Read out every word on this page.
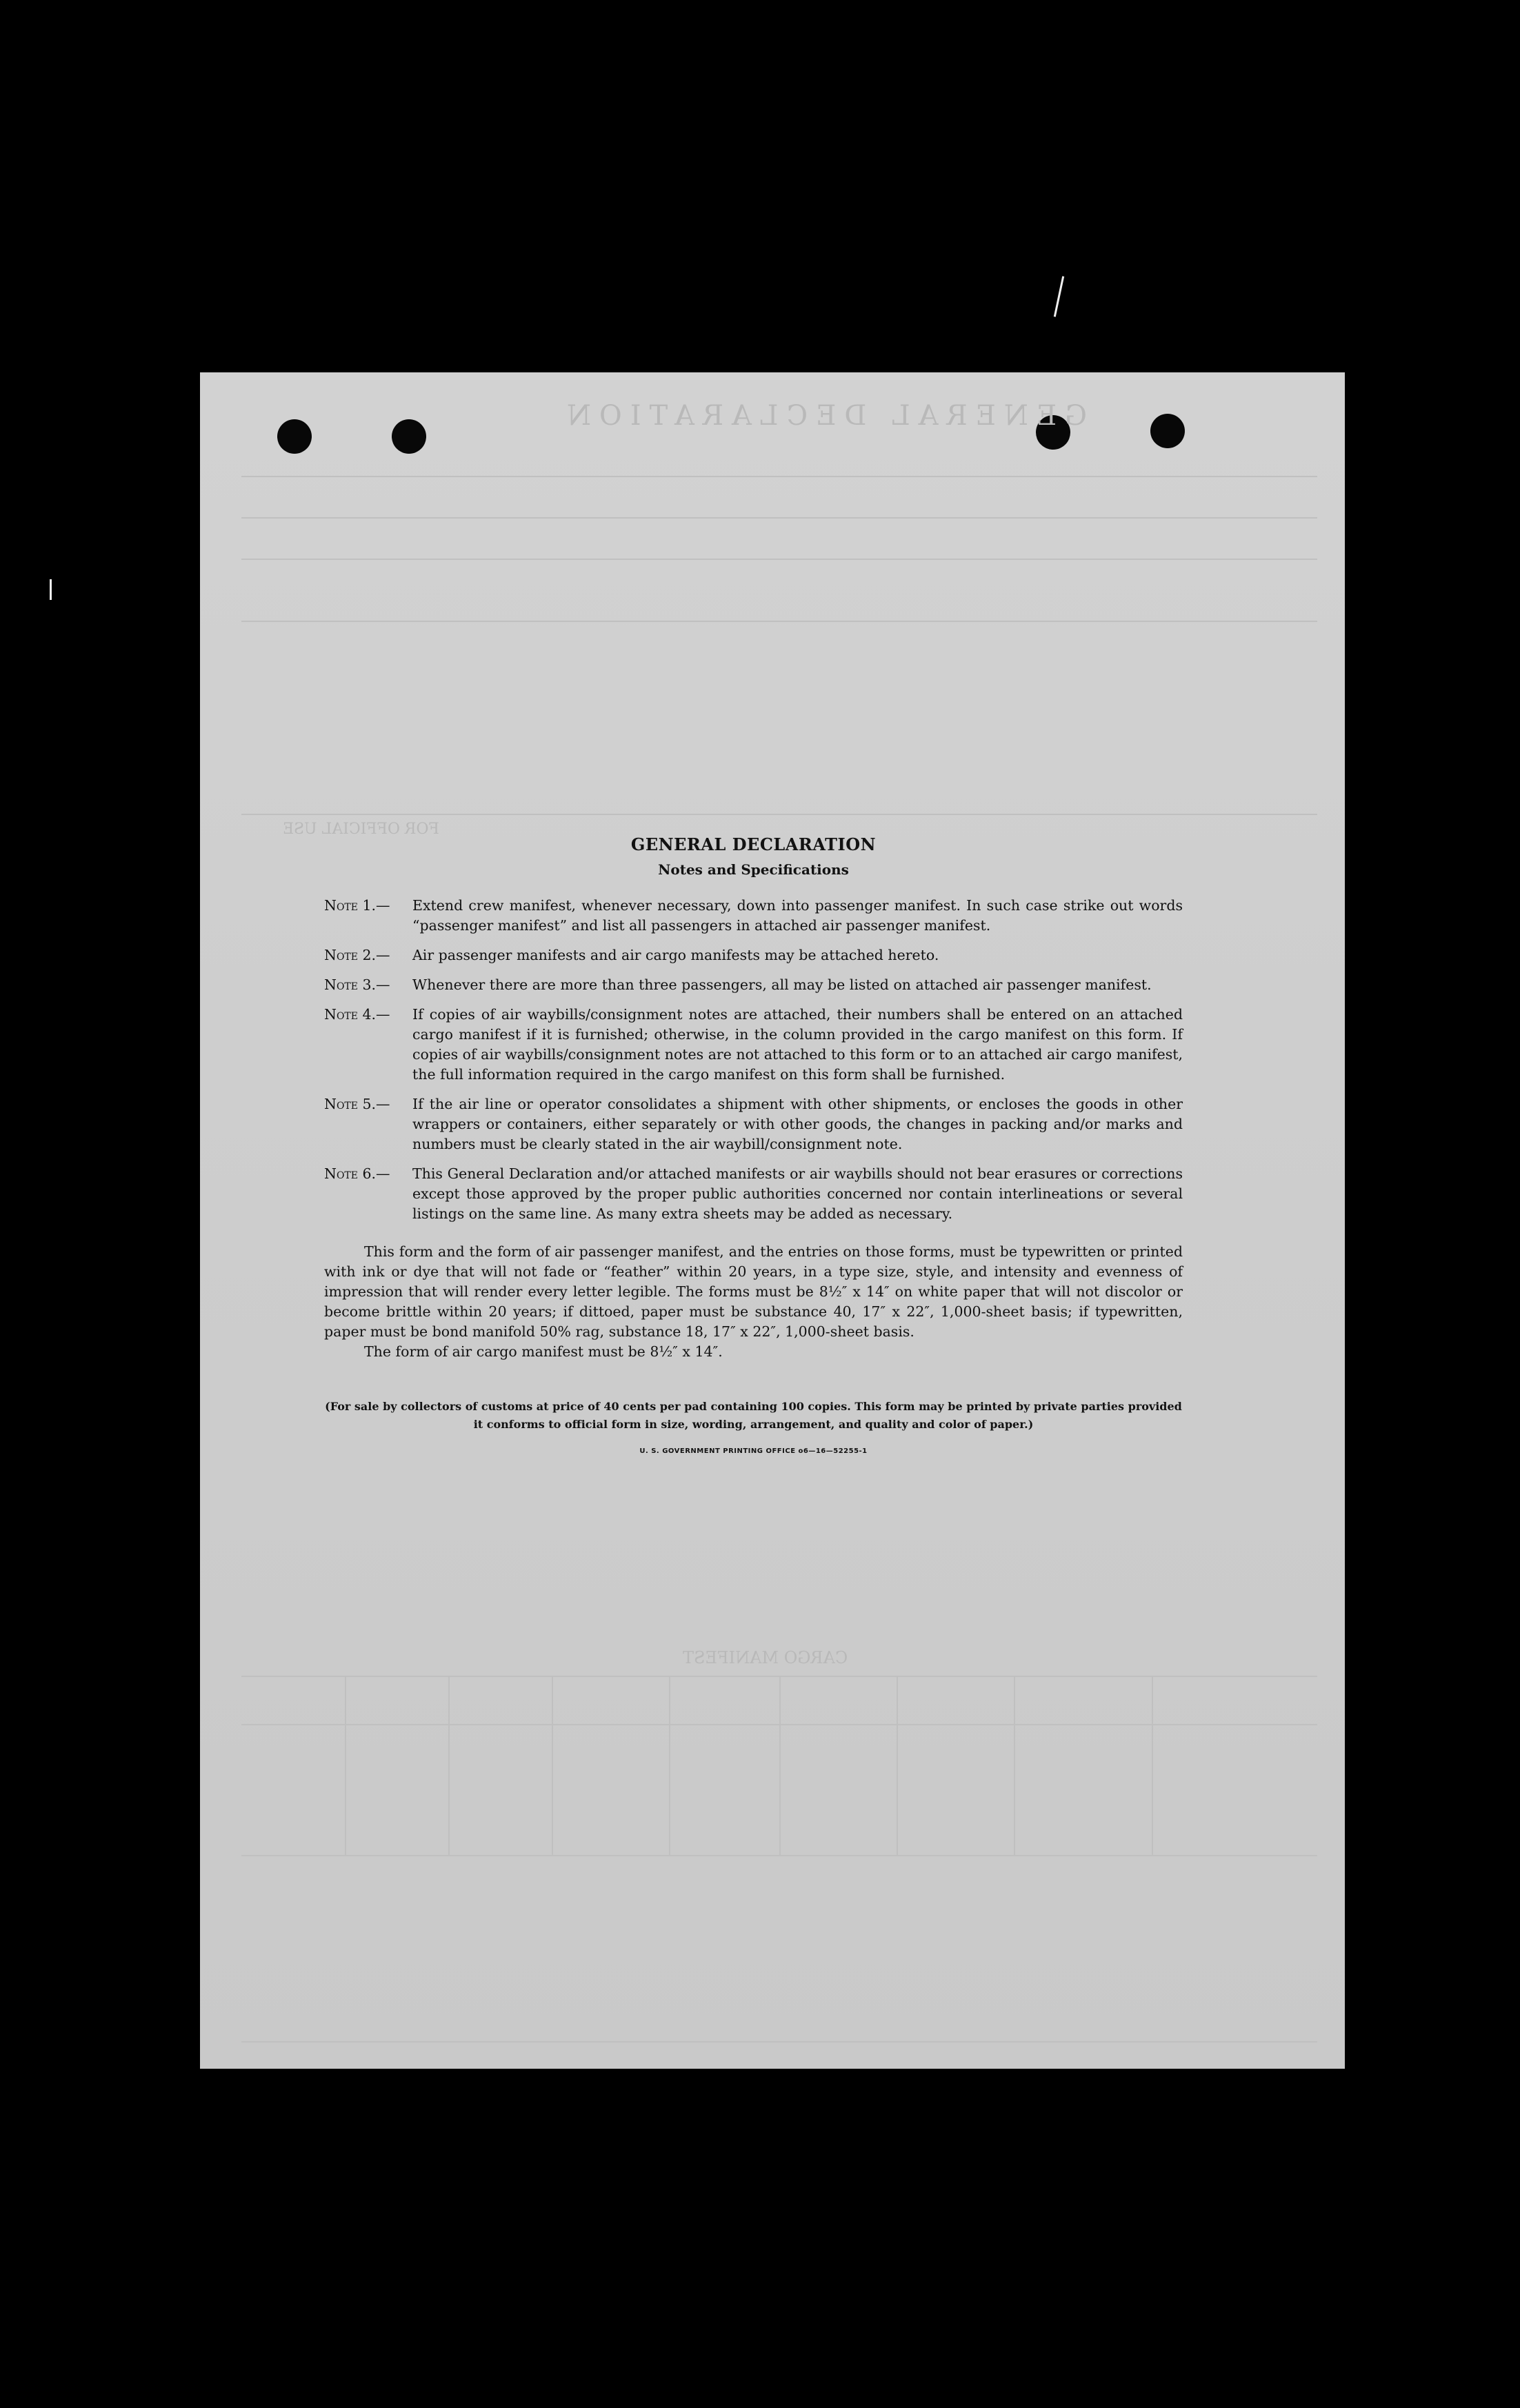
GENERAL DECLARATION
FOR OFFICIAL USE
CARGO MANIFEST
GENERAL DECLARATION
Notes and Specifications
Note 1.—	Extend crew manifest, whenever necessary, down into passenger manifest. In such case strike out words “passenger manifest” and list all passengers in attached air passenger manifest.
Note 2.—	Air passenger manifests and air cargo manifests may be attached hereto.
Note 3.—	Whenever there are more than three passengers, all may be listed on attached air passenger manifest.
Note 4.—	If copies of air waybills/consignment notes are attached, their numbers shall be entered on an attached cargo manifest if it is furnished; otherwise, in the column provided in the cargo manifest on this form. If copies of air waybills/consignment notes are not attached to this form or to an attached air cargo manifest, the full information required in the cargo manifest on this form shall be furnished.
Note 5.—	If the air line or operator consolidates a shipment with other shipments, or encloses the goods in other wrappers or containers, either separately or with other goods, the changes in packing and/or marks and numbers must be clearly stated in the air waybill/consignment note.
Note 6.—	This General Declaration and/or attached manifests or air waybills should not bear erasures or corrections except those approved by the proper public authorities concerned nor contain interlineations or several listings on the same line. As many extra sheets may be added as necessary.
This form and the form of air passenger manifest, and the entries on those forms, must be typewritten or printed with ink or dye that will not fade or “feather” within 20 years, in a type size, style, and intensity and evenness of impression that will render every letter legible. The forms must be 8½″ x 14″ on white paper that will not discolor or become brittle within 20 years; if dittoed, paper must be substance 40, 17″ x 22″, 1,000-sheet basis; if typewritten, paper must be bond manifold 50% rag, substance 18, 17″ x 22″, 1,000-sheet basis.
The form of air cargo manifest must be 8½″ x 14″.
(For sale by collectors of customs at price of 40 cents per pad containing 100 copies. This form may be printed by private parties provided it conforms to official form in size, wording, arrangement, and quality and color of paper.)
U. S. GOVERNMENT PRINTING OFFICE o6—16—52255-1
